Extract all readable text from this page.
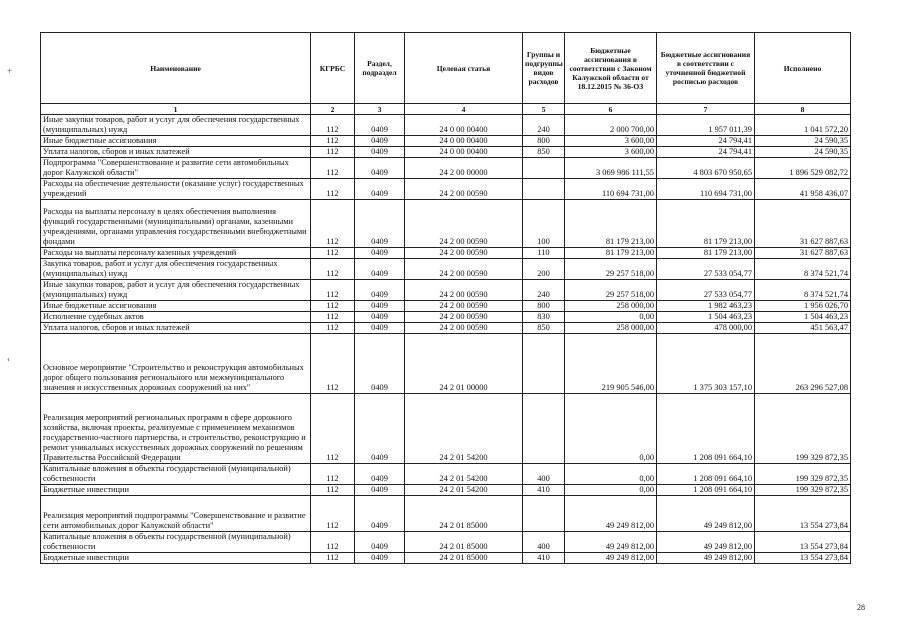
+
‹
Наименование	КГРБС	Раздел, подраздел	Целевая статья	Группы и подгруппы видов расходов	Бюджетные ассигнования в соответствии с Законом Калужской области от 18.12.2015 № 36-ОЗ	Бюджетные ассигнования в соответствии с уточненной бюджетной росписью расходов	Исполнено
1	2	3	4	5	6	7	8
Иные закупки товаров, работ и услуг для обеспечения государственных (муниципальных) нужд	112	0409	24 0 00 00400	240	2 000 700,00	1 957 011,39	1 041 572,20
Иные бюджетные ассигнования	112	0409	24 0 00 00400	800	3 600,00	24 794,41	24 590,35
Уплата налогов, сборов и иных платежей	112	0409	24 0 00 00400	850	3 600,00	24 794,41	24 590,35
Подпрограмма "Совершенствование и развитие сети автомобильных дорог Калужской области"	112	0409	24 2 00 00000		3 069 986 111,55	4 803 670 950,65	1 896 529 082,72
Расходы на обеспечение деятельности (оказание услуг) государственных учреждений	112	0409	24 2 00 00590		110 694 731,00	110 694 731,00	41 958 436,07
Расходы на выплаты персоналу в целях обеспечения выполнения функций государственными (муниципальными) органами, казенными учреждениями, органами управления государственными внебюджетными фондами	112	0409	24 2 00 00590	100	81 179 213,00	81 179 213,00	31 627 887,63
Расходы на выплаты персоналу казенных учреждений	112	0409	24 2 00 00590	110	81 179 213,00	81 179 213,00	31 627 887,63
Закупка товаров, работ и услуг для обеспечения государственных (муниципальных) нужд	112	0409	24 2 00 00590	200	29 257 518,00	27 533 054,77	8 374 521,74
Иные закупки товаров, работ и услуг для обеспечения государственных (муниципальных) нужд	112	0409	24 2 00 00590	240	29 257 518,00	27 533 054,77	8 374 521,74
Иные бюджетные ассигнования	112	0409	24 2 00 00590	800	258 000,00	1 982 463,23	1 956 026,70
Исполнение судебных актов	112	0409	24 2 00 00590	830	0,00	1 504 463,23	1 504 463,23
Уплата налогов, сборов и иных платежей	112	0409	24 2 00 00590	850	258 000,00	478 000,00	451 563,47
Основное мероприятие "Строительство и реконструкция автомобильных дорог общего пользования регионального или межмуниципального значения и искусственных дорожных сооружений на них"	112	0409	24 2 01 00000		219 905 546,00	1 375 303 157,10	263 296 527,08
Реализация мероприятий региональных программ в сфере дорожного хозяйства, включая проекты, реализуемые с применением механизмов государственно-частного партнерства, и строительство, реконструкцию и ремонт уникальных искусственных дорожных сооружений по решениям Правительства Российской Федерации	112	0409	24 2 01 54200		0,00	1 208 091 664,10	199 329 872,35
Капитальные вложения в объекты государственной (муниципальной) собственности	112	0409	24 2 01 54200	400	0,00	1 208 091 664,10	199 329 872,35
Бюджетные инвестиции	112	0409	24 2 01 54200	410	0,00	1 208 091 664,10	199 329 872,35
Реализация мероприятий подпрограммы "Совершенствование и развитие сети автомобильных дорог Калужской области"	112	0409	24 2 01 85000		49 249 812,00	49 249 812,00	13 554 273,84
Капитальные вложения в объекты государственной (муниципальной) собственности	112	0409	24 2 01 85000	400	49 249 812,00	49 249 812,00	13 554 273,84
Бюджетные инвестиции	112	0409	24 2 01 85000	410	49 249 812,00	49 249 812,00	13 554 273,84
28
